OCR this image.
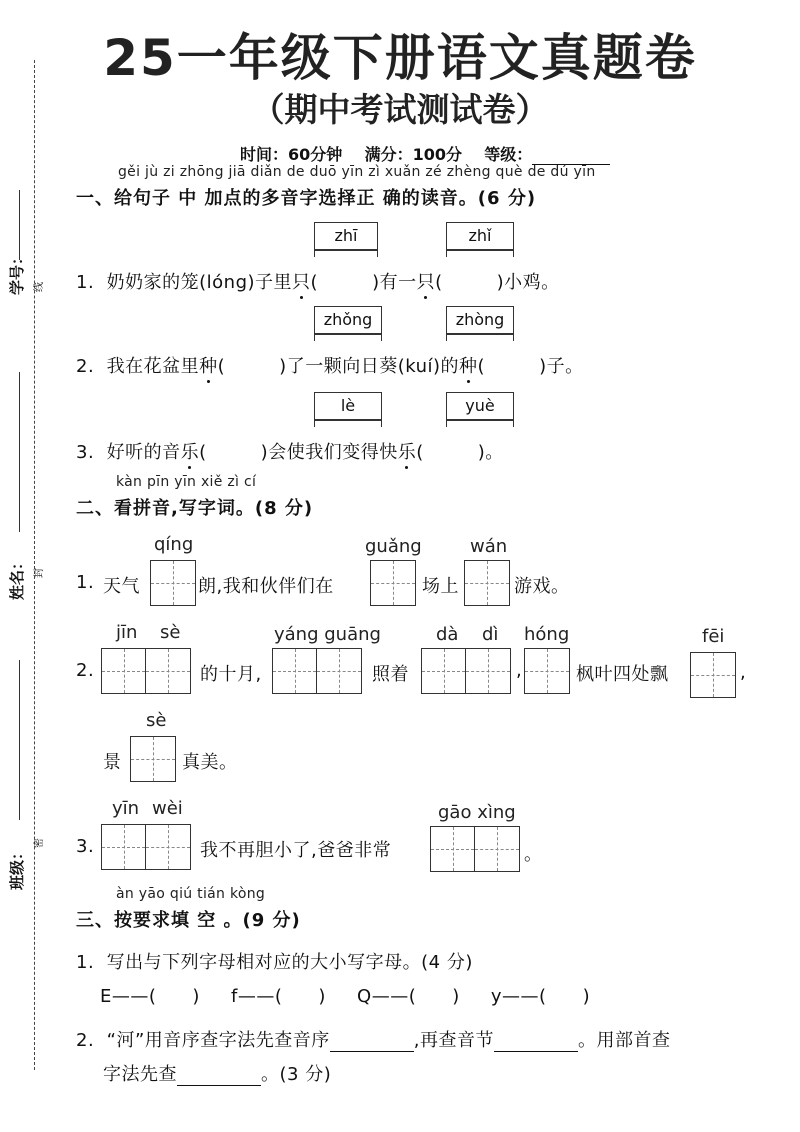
学号： 线
姓名： 封
班级：
密
25一年级下册语文真题卷
（期中考试测试卷）
时间：60分钟 满分：100分 等级：
gěi jù zi zhōng jiā diǎn de duō yīn zì xuǎn zé zhèng què de dú yīn
一、给句子 中 加点的多音字选择正 确的读音。(6 分)
zhī	zhǐ
1. 奶奶家的笼(lóng)子里只(	)有一只(	)小鸡。
zhǒng	zhòng
2. 我在花盆里种(	)了一颗向日葵(kuí)的种(	)子。
lè	yuè
3. 好听的音乐(	)会使我们变得快乐(	)。
kàn pīn yīn xiě zì cí
二、看拼音,写字词。(8 分)
qíng	guǎng	wán
1. 天气	朗,我和伙伴们在	场上	游戏。
jīn sè	yáng guāng	dà dì hóng	fēi
2.	的十月,	照着	,	枫叶四处飘	,
sè
景	真美。
yīn wèi	gāo xìng
3.	我不再胆小了,爸爸非常	。
àn yāo qiú tián kòng
三、按要求填 空 。(9 分)
1. 写出与下列字母相对应的大小写字母。(4 分)
E——( ) f——( ) Q——( ) y——( )
2. “河”用音序查字法先查音序	,再查音节	。用部首查
字法先查	。(3 分)
